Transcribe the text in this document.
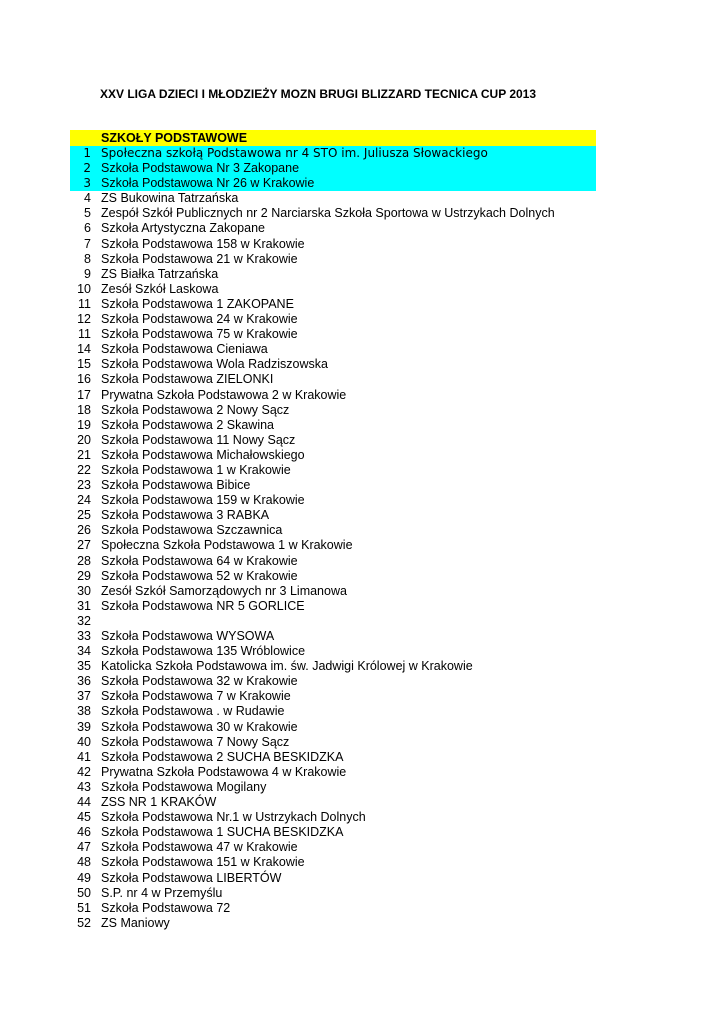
XXV LIGA DZIECI I MŁODZIEŻY MOZN BRUGI BLIZZARD TECNICA CUP 2013
SZKOŁY PODSTAWOWE
1 Społeczna szkołą Podstawowa nr 4 STO im. Juliusza Słowackiego
2 Szkoła Podstawowa Nr 3 Zakopane
3 Szkoła Podstawowa Nr 26 w Krakowie
4 ZS Bukowina Tatrzańska
5 Zespół Szkół Publicznych nr 2 Narciarska Szkoła Sportowa w Ustrzykach Dolnych
6 Szkoła Artystyczna Zakopane
7 Szkoła Podstawowa 158 w Krakowie
8 Szkoła Podstawowa 21 w Krakowie
9 ZS Białka Tatrzańska
10 Zesół Szkół Laskowa
11 Szkoła Podstawowa 1 ZAKOPANE
12 Szkoła Podstawowa 24 w Krakowie
11 Szkoła Podstawowa 75 w Krakowie
14 Szkoła Podstawowa Cieniawa
15 Szkoła Podstawowa Wola Radziszowska
16 Szkoła Podstawowa ZIELONKI
17 Prywatna Szkoła Podstawowa 2 w Krakowie
18 Szkoła Podstawowa 2 Nowy Sącz
19 Szkoła Podstawowa 2 Skawina
20 Szkoła Podstawowa 11 Nowy Sącz
21 Szkoła Podstawowa Michałowskiego
22 Szkoła Podstawowa 1 w Krakowie
23 Szkoła Podstawowa Bibice
24 Szkoła Podstawowa 159 w Krakowie
25 Szkoła Podstawowa 3 RABKA
26 Szkoła Podstawowa Szczawnica
27 Społeczna Szkoła Podstawowa 1 w Krakowie
28 Szkoła Podstawowa 64 w Krakowie
29 Szkoła Podstawowa 52 w Krakowie
30 Zesół Szkół Samorządowych nr 3 Limanowa
31 Szkoła Podstawowa NR 5 GORLICE
32
33 Szkoła Podstawowa WYSOWA
34 Szkoła Podstawowa 135 Wróblowice
35 Katolicka Szkoła Podstawowa im. św. Jadwigi Królowej w Krakowie
36 Szkoła Podstawowa 32 w Krakowie
37 Szkoła Podstawowa 7 w Krakowie
38 Szkoła Podstawowa . w Rudawie
39 Szkoła Podstawowa 30 w Krakowie
40 Szkoła Podstawowa 7 Nowy Sącz
41 Szkoła Podstawowa 2 SUCHA BESKIDZKA
42 Prywatna Szkoła Podstawowa 4 w Krakowie
43 Szkoła Podstawowa Mogilany
44 ZSS NR 1 KRAKÓW
45 Szkoła Podstawowa Nr.1 w Ustrzykach Dolnych
46 Szkoła Podstawowa 1 SUCHA BESKIDZKA
47 Szkoła Podstawowa 47 w Krakowie
48 Szkoła Podstawowa 151 w Krakowie
49 Szkoła Podstawowa LIBERTÓW
50 S.P. nr 4 w Przemyślu
51 Szkoła Podstawowa 72
52 ZS Maniowy
